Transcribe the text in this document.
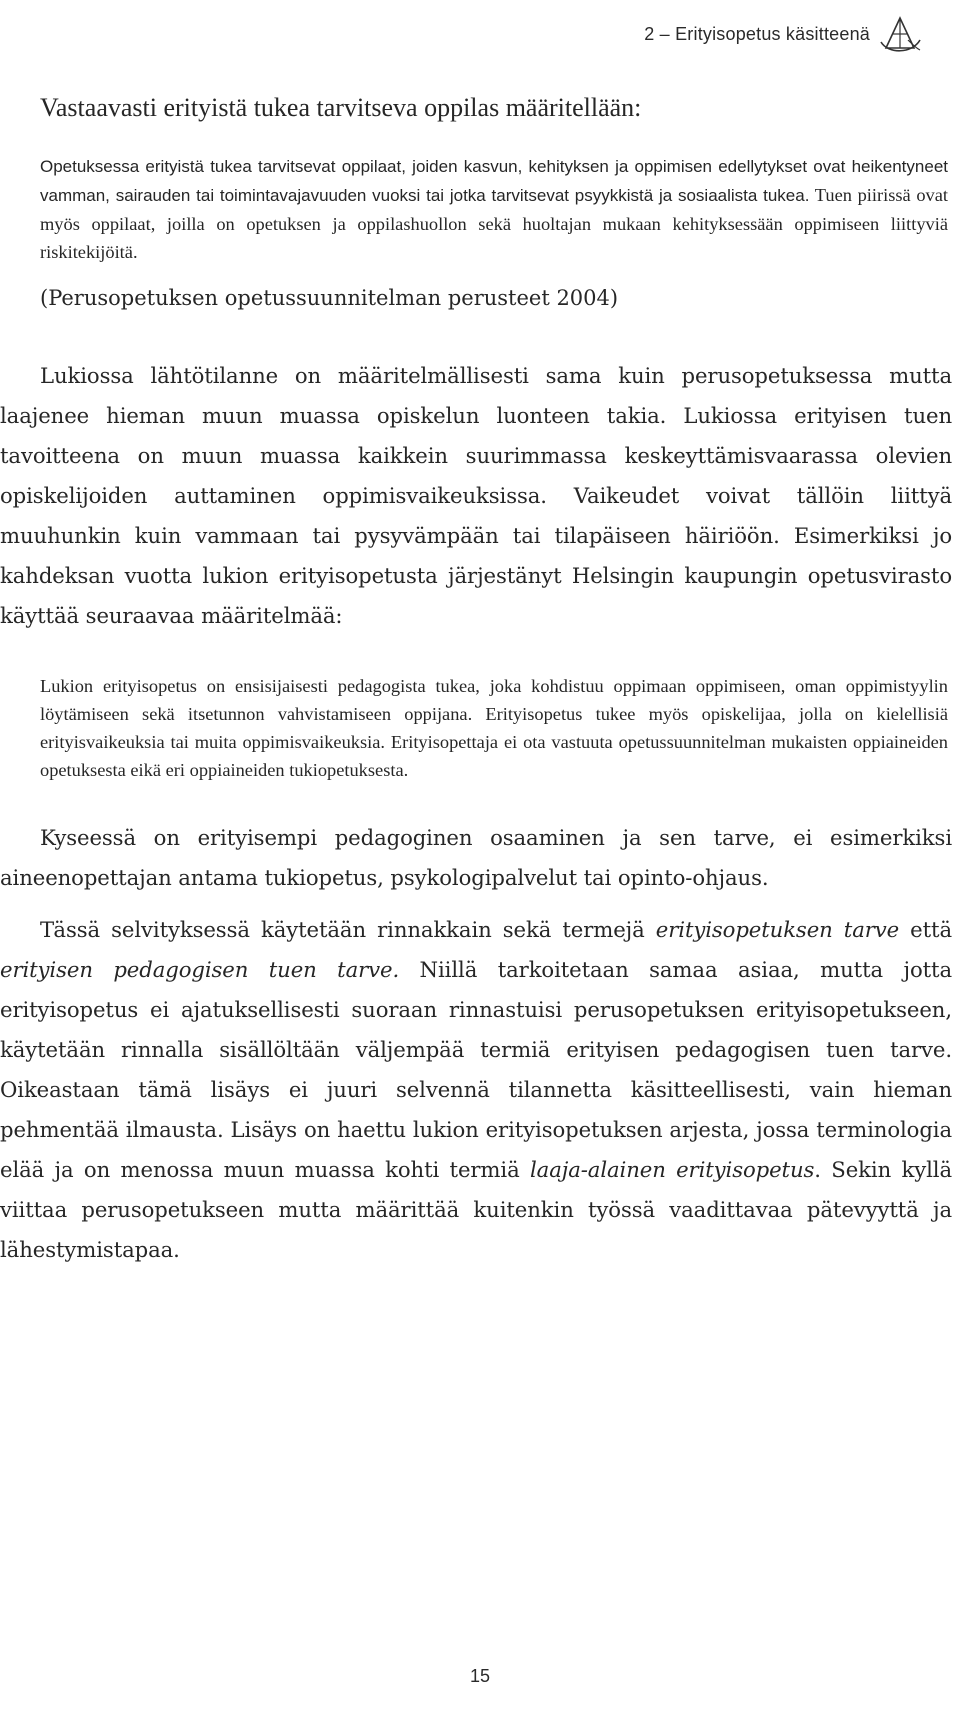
2 – Erityisopetus käsitteenä

Vastaavasti erityistä tukea tarvitseva oppilas määritellään:

Opetuksessa erityistä tukea tarvitsevat oppilaat, joiden kasvun, kehityksen ja oppimisen edellytykset ovat heikentyneet vamman, sairauden tai toimintavajavuuden vuoksi tai jotka tarvitsevat psyykkistä ja sosiaalista tukea. Tuen piirissä ovat myös oppilaat, joilla on opetuksen ja oppilashuollon sekä huoltajan mukaan kehityksessään oppimiseen liittyviä riskitekijöitä.

(Perusopetuksen opetussuunnitelman perusteet 2004)

Lukiossa lähtötilanne on määritelmällisesti sama kuin perusopetuksessa mutta laajenee hieman muun muassa opiskelun luonteen takia. Lukiossa erityisen tuen tavoitteena on muun muassa kaikkein suurimmassa keskeyttämisvaarassa olevien opiskelijoiden auttaminen oppimisvaikeuksissa. Vaikeudet voivat tällöin liittyä muuhunkin kuin vammaan tai pysyvämpään tai tilapäiseen häiriöön. Esimerkiksi jo kahdeksan vuotta lukion erityisopetusta järjestänyt Helsingin kaupungin opetusvirasto käyttää seuraavaa määritelmää:

Lukion erityisopetus on ensisijaisesti pedagogista tukea, joka kohdistuu oppimaan oppimiseen, oman oppimistyylin löytämiseen sekä itsetunnon vahvistamiseen oppijana. Erityisopetus tukee myös opiskelijaa, jolla on kielellisiä erityisvaikeuksia tai muita oppimisvaikeuksia. Erityisopettaja ei ota vastuuta opetussuunnitelman mukaisten oppiaineiden opetuksesta eikä eri oppiaineiden tukiopetuksesta.

Kyseessä on erityisempi pedagoginen osaaminen ja sen tarve, ei esimerkiksi aineenopettajan antama tukiopetus, psykologipalvelut tai opinto-ohjaus.

Tässä selvityksessä käytetään rinnakkain sekä termejä erityisopetuksen tarve että erityisen pedagogisen tuen tarve. Niillä tarkoitetaan samaa asiaa, mutta jotta erityisopetus ei ajatuksellisesti suoraan rinnastuisi perusopetuksen erityisopetukseen, käytetään rinnalla sisällöltään väljempää termiä erityisen pedagogisen tuen tarve. Oikeastaan tämä lisäys ei juuri selvennä tilannetta käsitteellisesti, vain hieman pehmentää ilmausta. Lisäys on haettu lukion erityisopetuksen arjesta, jossa terminologia elää ja on menossa muun muassa kohti termiä laaja-alainen erityisopetus. Sekin kyllä viittaa perusopetukseen mutta määrittää kuitenkin työssä vaadittavaa pätevyyttä ja lähestymistapaa.

15
